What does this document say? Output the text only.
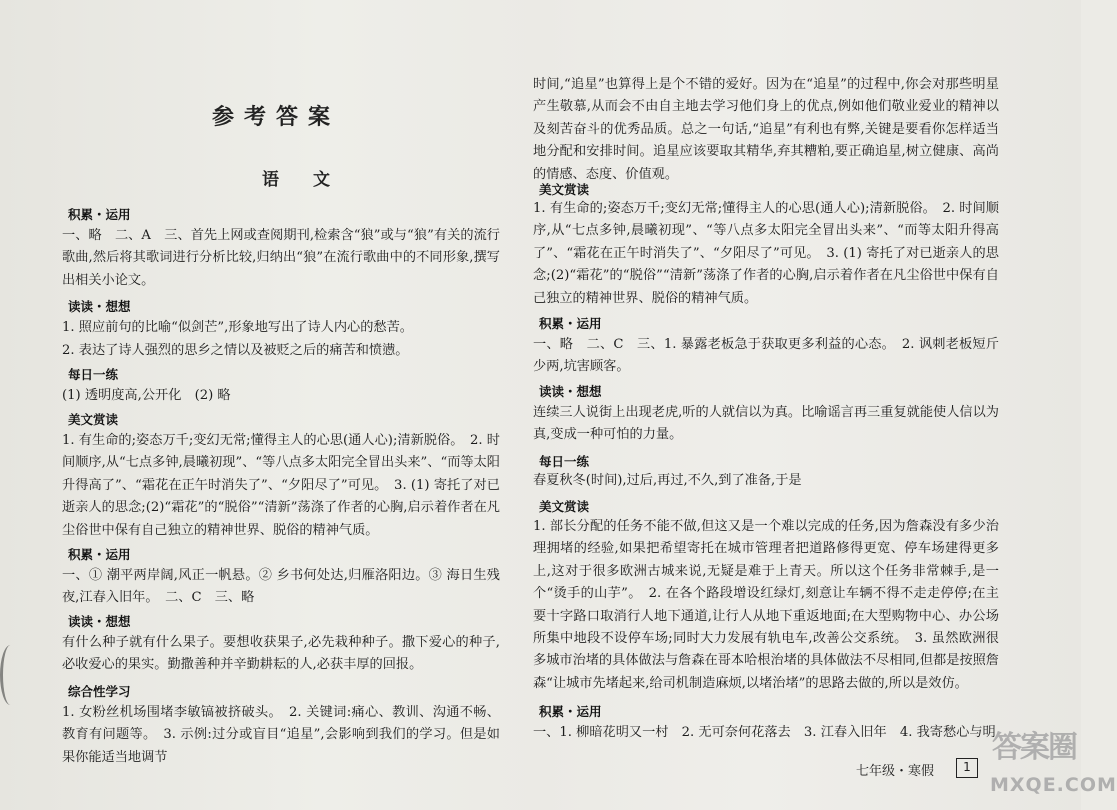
参考答案
语文
积累・运用
一、略　二、A　三、首先上网或查阅期刊,检索含“狼”或与“狼”有关的流行歌曲,然后将其歌词进行分析比较,归纳出“狼”在流行歌曲中的不同形象,撰写出相关小论文。
读读・想想
1. 照应前句的比喻“似剑芒”,形象地写出了诗人内心的愁苦。
2. 表达了诗人强烈的思乡之情以及被贬之后的痛苦和愤懑。
每日一练
(1) 透明度高,公开化　(2) 略
美文赏读
1. 有生命的;姿态万千;变幻无常;懂得主人的心思(通人心);清新脱俗。　2. 时间顺序,从“七点多钟,晨曦初现”、“等八点多太阳完全冒出头来”、“而等太阳升得高了”、“霜花在正午时消失了”、“夕阳尽了”可见。　3. (1) 寄托了对已逝亲人的思念;(2)“霜花”的“脱俗”“清新”荡涤了作者的心胸,启示着作者在凡尘俗世中保有自己独立的精神世界、脱俗的精神气质。
积累・运用
一、① 潮平两岸阔,风正一帆悬。② 乡书何处达,归雁洛阳边。③ 海日生残夜,江春入旧年。　二、C　三、略
读读・想想
有什么种子就有什么果子。要想收获果子,必先栽种种子。撒下爱心的种子,必收爱心的果实。勤撒善种并辛勤耕耘的人,必获丰厚的回报。
综合性学习
1. 女粉丝机场围堵李敏镐被挤破头。　2. 关键词:痛心、教训、沟通不畅、教育有问题等。　3. 示例:过分或盲目“追星”,会影响到我们的学习。但是如果你能适当地调节
时间,“追星”也算得上是个不错的爱好。因为在“追星”的过程中,你会对那些明星产生敬慕,从而会不由自主地去学习他们身上的优点,例如他们敬业爱业的精神以及刻苦奋斗的优秀品质。总之一句话,“追星”有利也有弊,关键是要看你怎样适当地分配和安排时间。追星应该要取其精华,弃其糟粕,要正确追星,树立健康、高尚的情感、态度、价值观。
美文赏读
1. 有生命的;姿态万千;变幻无常;懂得主人的心思(通人心);清新脱俗。　2. 时间顺序,从“七点多钟,晨曦初现”、“等八点多太阳完全冒出头来”、“而等太阳升得高了”、“霜花在正午时消失了”、“夕阳尽了”可见。　3. (1) 寄托了对已逝亲人的思念;(2)“霜花”的“脱俗”“清新”荡涤了作者的心胸,启示着作者在凡尘俗世中保有自己独立的精神世界、脱俗的精神气质。
积累・运用
一、略　二、C　三、1. 暴露老板急于获取更多利益的心态。　2. 讽刺老板短斤少两,坑害顾客。
读读・想想
连续三人说街上出现老虎,听的人就信以为真。比喻谣言再三重复就能使人信以为真,变成一种可怕的力量。
每日一练
春夏秋冬(时间),过后,再过,不久,到了准备,于是
美文赏读
1. 部长分配的任务不能不做,但这又是一个难以完成的任务,因为詹森没有多少治理拥堵的经验,如果把希望寄托在城市管理者把道路修得更宽、停车场建得更多上,这对于很多欧洲古城来说,无疑是难于上青天。所以这个任务非常棘手,是一个“烫手的山芋”。　2. 在各个路段增设红绿灯,刻意让车辆不得不走走停停;在主要十字路口取消行人地下通道,让行人从地下重返地面;在大型购物中心、办公场所集中地段不设停车场;同时大力发展有轨电车,改善公交系统。　3. 虽然欧洲很多城市治堵的具体做法与詹森在哥本哈根治堵的具体做法不尽相同,但都是按照詹森“让城市先堵起来,给司机制造麻烦,以堵治堵”的思路去做的,所以是效仿。
积累・运用
一、1. 柳暗花明又一村　2. 无可奈何花落去　3. 江春入旧年　4. 我寄愁心与明
七年级・寒假	1
答案圈
MXQE.COM
